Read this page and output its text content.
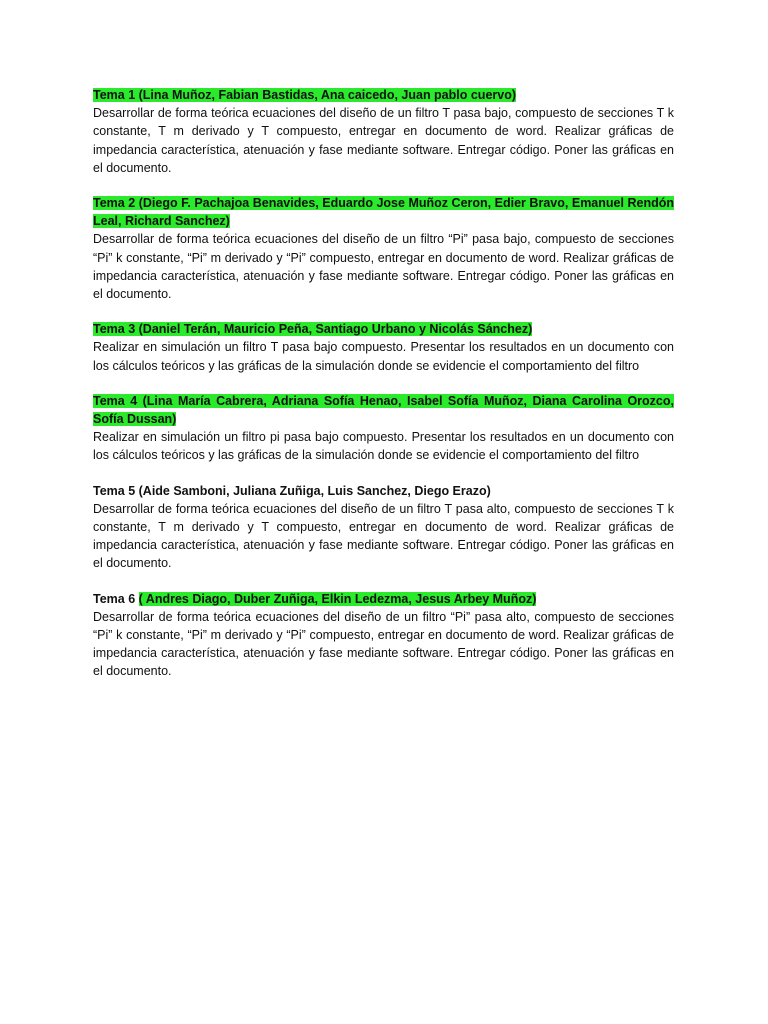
Tema 1 (Lina Muñoz, Fabian Bastidas, Ana caicedo, Juan pablo cuervo)

Desarrollar de forma teórica ecuaciones del diseño de un filtro T pasa bajo, compuesto de secciones T k constante, T m derivado y T compuesto, entregar en documento de word. Realizar gráficas de impedancia característica, atenuación y fase mediante software. Entregar código. Poner las gráficas en el documento.

Tema 2 (Diego F. Pachajoa Benavides, Eduardo Jose Muñoz Ceron, Edier Bravo, Emanuel Rendón Leal, Richard Sanchez)

Desarrollar de forma teórica ecuaciones del diseño de un filtro “Pi” pasa bajo, compuesto de secciones “Pi” k constante, “Pi” m derivado y “Pi” compuesto, entregar en documento de word. Realizar gráficas de impedancia característica, atenuación y fase mediante software. Entregar código. Poner las gráficas en el documento.

Tema 3 (Daniel Terán, Mauricio Peña, Santiago Urbano y Nicolás Sánchez)

Realizar en simulación un filtro T pasa bajo compuesto. Presentar los resultados en un documento con los cálculos teóricos y las gráficas de la simulación donde se evidencie el comportamiento del filtro

Tema 4 (Lina María Cabrera, Adriana Sofía Henao, Isabel Sofía Muñoz, Diana Carolina Orozco, Sofía Dussan)

Realizar en simulación un filtro pi pasa bajo compuesto. Presentar los resultados en un documento con los cálculos teóricos y las gráficas de la simulación donde se evidencie el comportamiento del filtro

Tema 5 (Aide Samboni, Juliana Zuñiga, Luis Sanchez, Diego Erazo)

Desarrollar de forma teórica ecuaciones del diseño de un filtro T pasa alto, compuesto de secciones T k constante, T m derivado y T compuesto, entregar en documento de word. Realizar gráficas de impedancia característica, atenuación y fase mediante software. Entregar código. Poner las gráficas en el documento.

Tema 6 ( Andres Diago, Duber Zuñiga, Elkin Ledezma, Jesus Arbey Muñoz)

Desarrollar de forma teórica ecuaciones del diseño de un filtro “Pi” pasa alto, compuesto de secciones “Pi” k constante, “Pi” m derivado y “Pi” compuesto, entregar en documento de word. Realizar gráficas de impedancia característica, atenuación y fase mediante software. Entregar código. Poner las gráficas en el documento.
